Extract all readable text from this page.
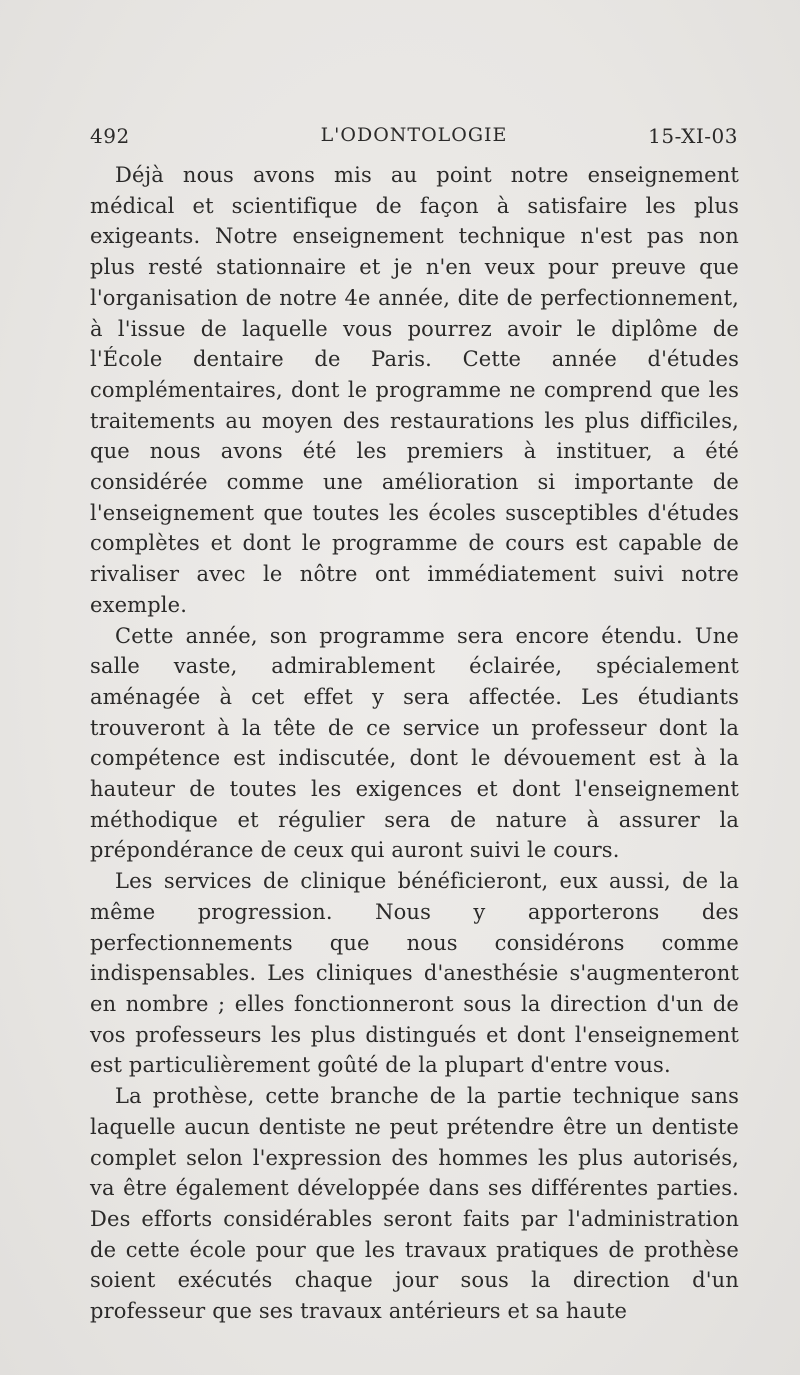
492	L'ODONTOLOGIE	15-XI-03

Déjà nous avons mis au point notre enseignement médical et scientifique de façon à satisfaire les plus exigeants. Notre enseignement technique n'est pas non plus resté stationnaire et je n'en veux pour preuve que l'organisation de notre 4e année, dite de perfectionnement, à l'issue de laquelle vous pourrez avoir le diplôme de l'École dentaire de Paris. Cette année d'études complémentaires, dont le programme ne comprend que les traitements au moyen des restaurations les plus difficiles, que nous avons été les premiers à instituer, a été considérée comme une amélioration si importante de l'enseignement que toutes les écoles susceptibles d'études complètes et dont le programme de cours est capable de rivaliser avec le nôtre ont immédiatement suivi notre exemple.

Cette année, son programme sera encore étendu. Une salle vaste, admirablement éclairée, spécialement aménagée à cet effet y sera affectée. Les étudiants trouveront à la tête de ce service un professeur dont la compétence est indiscutée, dont le dévouement est à la hauteur de toutes les exigences et dont l'enseignement méthodique et régulier sera de nature à assurer la prépondérance de ceux qui auront suivi le cours.

Les services de clinique bénéficieront, eux aussi, de la même progression. Nous y apporterons des perfectionnements que nous considérons comme indispensables. Les cliniques d'anesthésie s'augmenteront en nombre ; elles fonctionneront sous la direction d'un de vos professeurs les plus distingués et dont l'enseignement est particulièrement goûté de la plupart d'entre vous.

La prothèse, cette branche de la partie technique sans laquelle aucun dentiste ne peut prétendre être un dentiste complet selon l'expression des hommes les plus autorisés, va être également développée dans ses différentes parties. Des efforts considérables seront faits par l'administration de cette école pour que les travaux pratiques de prothèse soient exécutés chaque jour sous la direction d'un professeur que ses travaux antérieurs et sa haute
